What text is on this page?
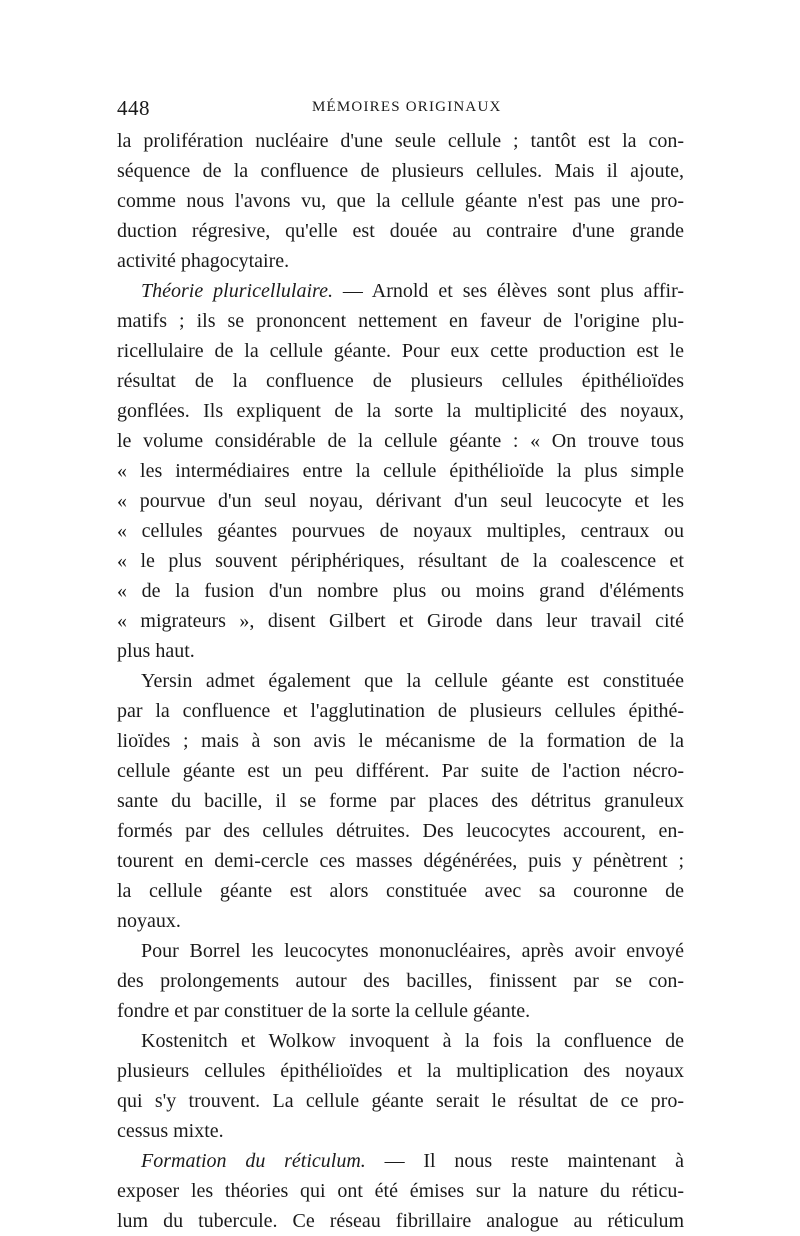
448	MÉMOIRES ORIGINAUX
la prolifération nucléaire d'une seule cellule ; tantôt est la con-
séquence de la confluence de plusieurs cellules. Mais il ajoute,
comme nous l'avons vu, que la cellule géante n'est pas une pro-
duction régresive, qu'elle est douée au contraire d'une grande
activité phagocytaire.
Théorie pluricellulaire. — Arnold et ses élèves sont plus affir-
matifs ; ils se prononcent nettement en faveur de l'origine plu-
ricellulaire de la cellule géante. Pour eux cette production est le
résultat de la confluence de plusieurs cellules épithélioïdes
gonflées. Ils expliquent de la sorte la multiplicité des noyaux,
le volume considérable de la cellule géante : « On trouve tous
« les intermédiaires entre la cellule épithélioïde la plus simple
« pourvue d'un seul noyau, dérivant d'un seul leucocyte et les
« cellules géantes pourvues de noyaux multiples, centraux ou
« le plus souvent périphériques, résultant de la coalescence et
« de la fusion d'un nombre plus ou moins grand d'éléments
« migrateurs », disent Gilbert et Girode dans leur travail cité
plus haut.
Yersin admet également que la cellule géante est constituée
par la confluence et l'agglutination de plusieurs cellules épithé-
lioïdes ; mais à son avis le mécanisme de la formation de la
cellule géante est un peu différent. Par suite de l'action nécro-
sante du bacille, il se forme par places des détritus granuleux
formés par des cellules détruites. Des leucocytes accourent, en-
tourent en demi-cercle ces masses dégénérées, puis y pénètrent ;
la cellule géante est alors constituée avec sa couronne de
noyaux.
Pour Borrel les leucocytes mononucléaires, après avoir envoyé
des prolongements autour des bacilles, finissent par se con-
fondre et par constituer de la sorte la cellule géante.
Kostenitch et Wolkow invoquent à la fois la confluence de
plusieurs cellules épithélioïdes et la multiplication des noyaux
qui s'y trouvent. La cellule géante serait le résultat de ce pro-
cessus mixte.
Formation du réticulum. — Il nous reste maintenant à
exposer les théories qui ont été émises sur la nature du réticu-
lum du tubercule. Ce réseau fibrillaire analogue au réticulum
